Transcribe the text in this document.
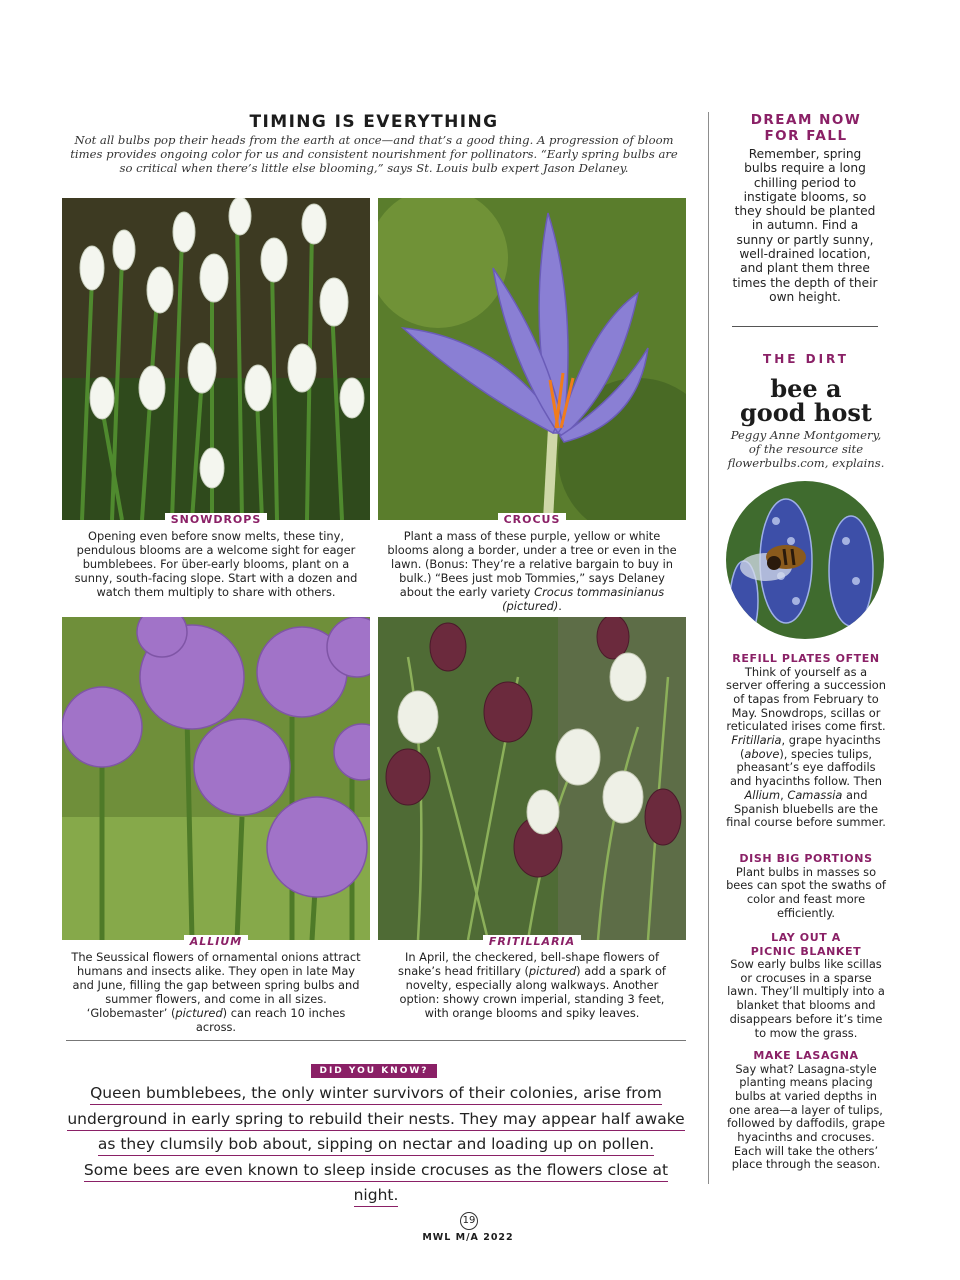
TIMING IS EVERYTHING
Not all bulbs pop their heads from the earth at once—and that’s a good thing. A progression of bloom times provides ongoing color for us and consistent nourishment for pollinators. “Early spring bulbs are so critical when there’s little else blooming,” says St. Louis bulb expert Jason Delaney.
SNOWDROPS
Opening even before snow melts, these tiny, pendulous blooms are a welcome sight for eager bumblebees. For über-early blooms, plant on a sunny, south-facing slope. Start with a dozen and watch them multiply to share with others.
CROCUS
Plant a mass of these purple, yellow or white blooms along a border, under a tree or even in the lawn. (Bonus: They’re a relative bargain to buy in bulk.) “Bees just mob Tommies,” says Delaney about the early variety Crocus tommasinianus (pictured).
ALLIUM
The Seussical flowers of ornamental onions attract humans and insects alike. They open in late May and June, filling the gap between spring bulbs and summer flowers, and come in all sizes. ‘Globemaster’ (pictured) can reach 10 inches across.
FRITILLARIA
In April, the checkered, bell-shape flowers of snake’s head fritillary (pictured) add a spark of novelty, especially along walkways. Another option: showy crown imperial, standing 3 feet, with orange blooms and spiky leaves.
DID YOU KNOW?
Queen bumblebees, the only winter survivors of their colonies, arise from
underground in early spring to rebuild their nests. They may appear half awake
as they clumsily bob about, sipping on nectar and loading up on pollen.
Some bees are even known to sleep inside crocuses as the flowers close at night.
DREAM NOW
FOR FALL
Remember, spring bulbs require a long chilling period to instigate blooms, so they should be planted in autumn. Find a sunny or partly sunny, well-drained location, and plant them three times the depth of their own height.
THE DIRT
bee a
good host
Peggy Anne Montgomery, of the resource site flowerbulbs.com, explains.
REFILL PLATES OFTEN
Think of yourself as a server offering a succession of tapas from February to May. Snowdrops, scillas or reticulated irises come first. Fritillaria, grape hyacinths (above), species tulips, pheasant’s eye daffodils and hyacinths follow. Then Allium, Camassia and Spanish bluebells are the final course before summer.
DISH BIG PORTIONS
Plant bulbs in masses so bees can spot the swaths of color and feast more efficiently.
LAY OUT A
PICNIC BLANKET
Sow early bulbs like scillas or crocuses in a sparse lawn. They’ll multiply into a blanket that blooms and disappears before it’s time to mow the grass.
MAKE LASAGNA
Say what? Lasagna-style planting means placing bulbs at varied depths in one area—a layer of tulips, followed by daffodils, grape hyacinths and crocuses. Each will take the others’ place through the season.
19
MWL M/A 2022
